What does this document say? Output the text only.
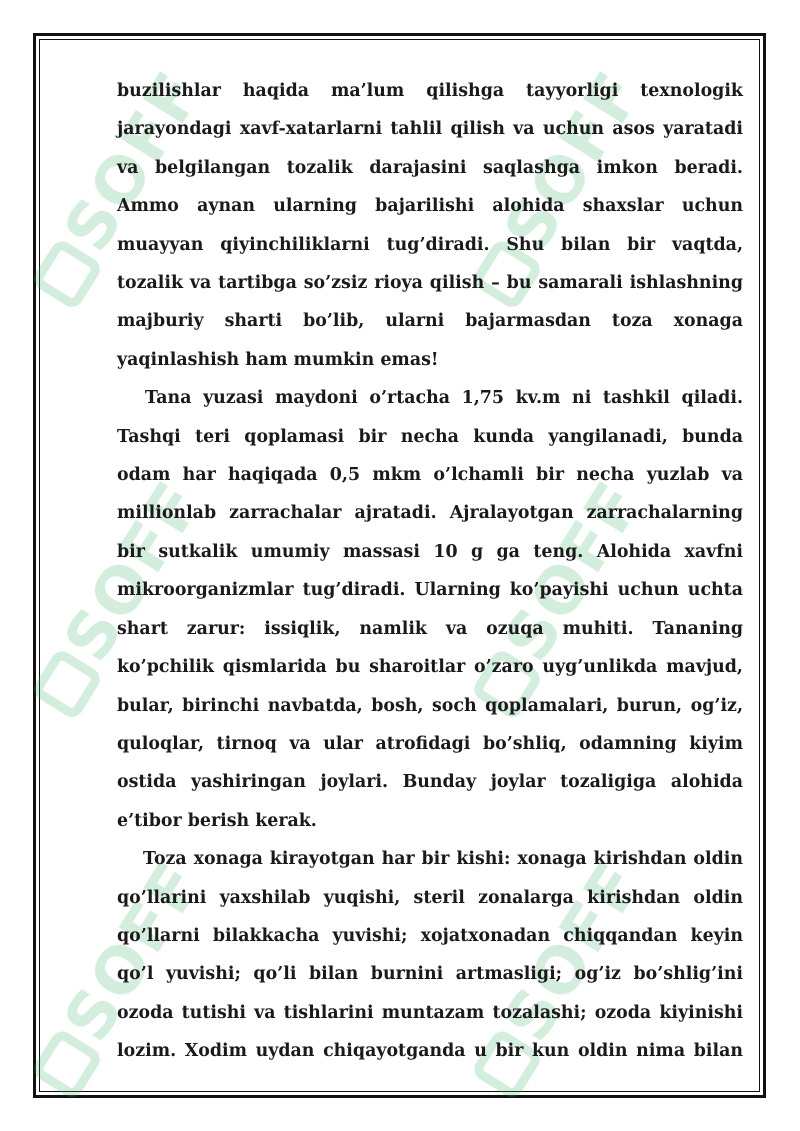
SOFF	SOFF
SOFF	SOFF
SOFF	SOFF

buzilishlar haqida ma’lum qilishga tayyorligi texnologik jarayondagi xavf-xatarlarni tahlil qilish va uchun asos yaratadi va belgilangan tozalik darajasini saqlashga imkon beradi. Ammo aynan ularning bajarilishi alohida shaxslar uchun muayyan qiyinchiliklarni tug’diradi. Shu bilan bir vaqtda, tozalik va tartibga so’zsiz rioya qilish – bu samarali ishlashning majburiy sharti bo’lib, ularni bajarmasdan toza xonaga yaqinlashish ham mumkin emas!

Tana yuzasi maydoni o’rtacha 1,75 kv.m ni tashkil qiladi. Tashqi teri qoplamasi bir necha kunda yangilanadi, bunda odam har haqiqada 0,5 mkm o’lchamli bir necha yuzlab va millionlab zarrachalar ajratadi. Ajralayotgan zarrachalarning bir sutkalik umumiy massasi 10 g ga teng. Alohida xavfni mikroorganizmlar tug’diradi. Ularning ko’payishi uchun uchta shart zarur: issiqlik, namlik va ozuqa muhiti. Tananing ko’pchilik qismlarida bu sharoitlar o’zaro uyg’unlikda mavjud, bular, birinchi navbatda, bosh, soch qoplamalari, burun, og’iz, quloqlar, tirnoq va ular atrofidagi bo’shliq, odamning kiyim ostida yashiringan joylari. Bunday joylar tozaligiga alohida e’tibor berish kerak.

Toza xonaga kirayotgan har bir kishi: xonaga kirishdan oldin qo’llarini yaxshilab yuqishi, steril zonalarga kirishdan oldin qo’llarni bilakkacha yuvishi; xojatxonadan chiqqandan keyin qo’l yuvishi; qo’li bilan burnini artmasligi; og’iz bo’shlig’ini ozoda tutishi va tishlarini muntazam tozalashi; ozoda kiyinishi lozim. Xodim uydan chiqayotganda u bir kun oldin nima bilan
